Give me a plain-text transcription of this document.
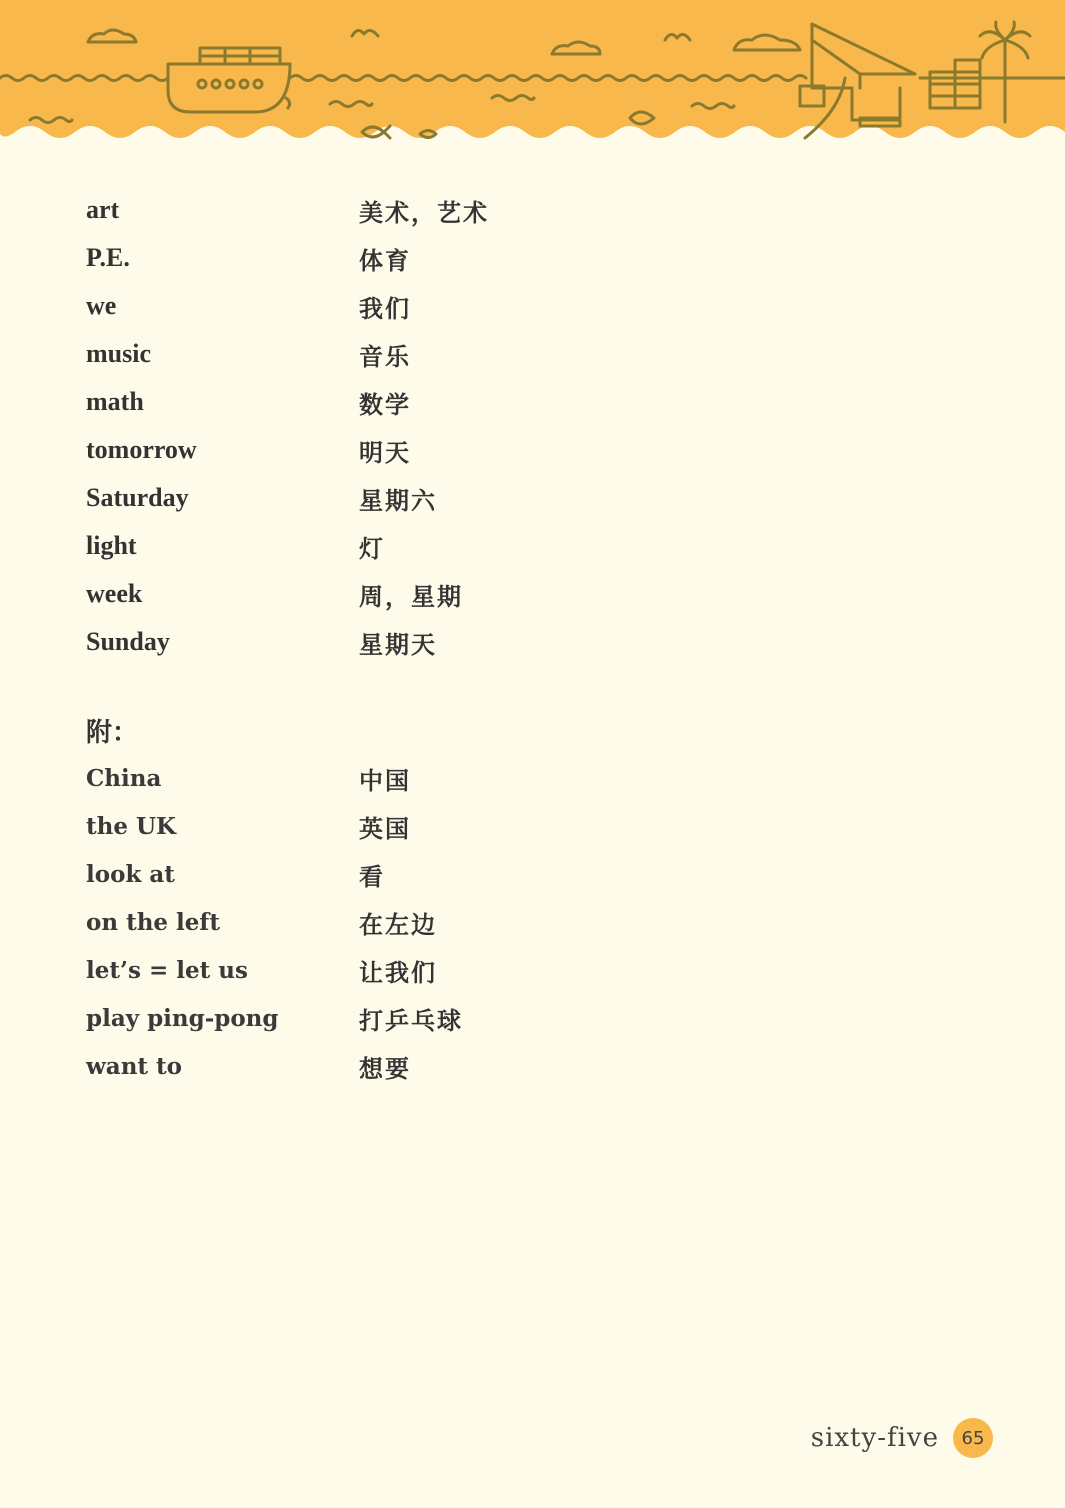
art	美术，艺术
P.E.	体育
we	我们
music	音乐
math	数学
tomorrow	明天
Saturday	星期六
light	灯
week	周，星期
Sunday	星期天
附：
China	中国
the UK	英国
look at	看
on the left	在左边
let’s = let us	让我们
play ping-pong	打乒乓球
want to	想要
sixty-five	65
